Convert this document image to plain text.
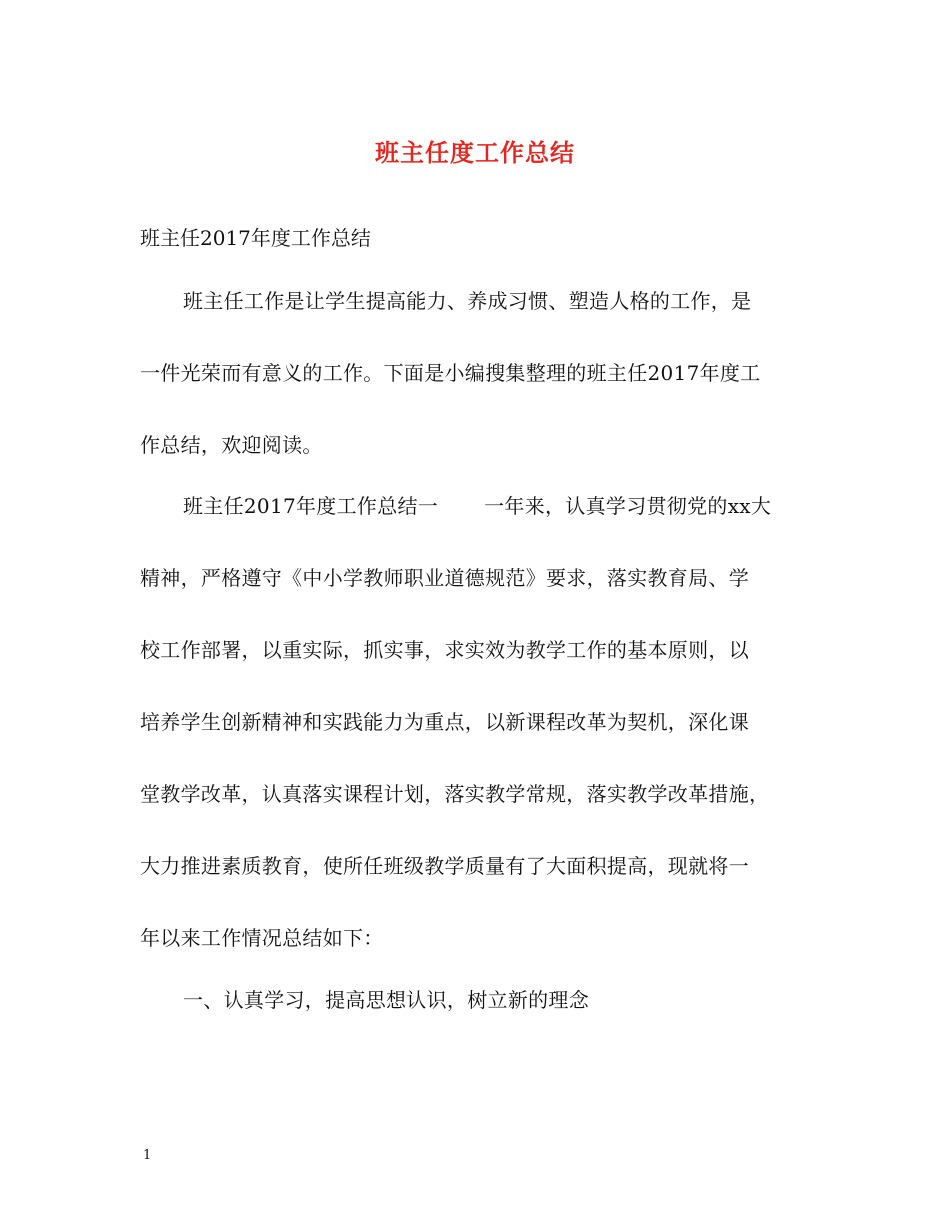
班主任度工作总结

班主任2017年度工作总结

班主任工作是让学生提高能力、养成习惯、塑造人格的工作，是

一件光荣而有意义的工作。下面是小编搜集整理的班主任2017年度工

作总结，欢迎阅读。

班主任2017年度工作总结一 一年来，认真学习贯彻党的xx大

精神，严格遵守《中小学教师职业道德规范》要求，落实教育局、学

校工作部署，以重实际，抓实事，求实效为教学工作的基本原则，以

培养学生创新精神和实践能力为重点，以新课程改革为契机，深化课

堂教学改革，认真落实课程计划，落实教学常规，落实教学改革措施，

大力推进素质教育，使所任班级教学质量有了大面积提高，现就将一

年以来工作情况总结如下：

一、认真学习，提高思想认识，树立新的理念

1
